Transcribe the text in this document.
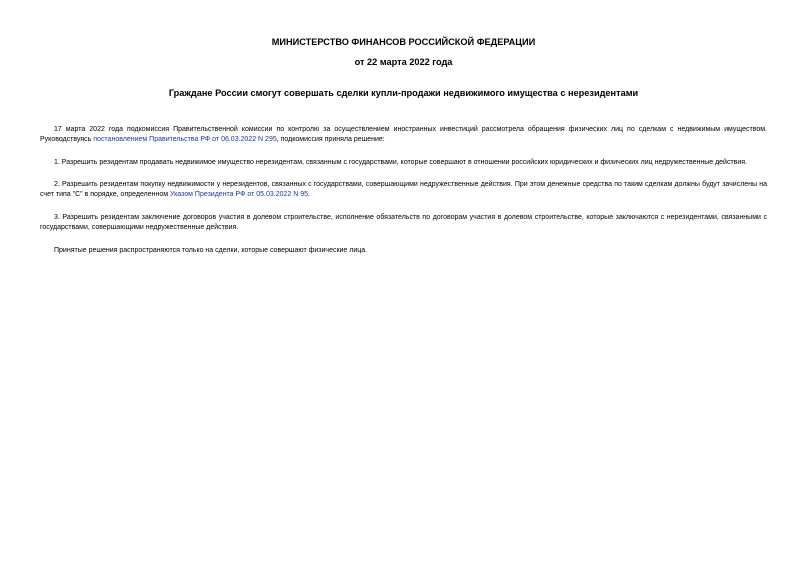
МИНИСТЕРСТВО ФИНАНСОВ РОССИЙСКОЙ ФЕДЕРАЦИИ
от 22 марта 2022 года
Граждане России смогут совершать сделки купли-продажи недвижимого имущества с нерезидентами

17 марта 2022 года подкомиссия Правительственной комиссии по контролю за осуществлением иностранных инвестиций рассмотрела обращения физических лиц по сделкам с недвижимым имуществом. Руководствуясь постановлением Правительства РФ от 06.03.2022 N 295, подкомиссия приняла решение:

1. Разрешить резидентам продавать недвижимое имущество нерезидентам, связанным с государствами, которые совершают в отношении российских юридических и физических лиц недружественные действия.

2. Разрешить резидентам покупку недвижимости у нерезидентов, связанных с государствами, совершающими недружественные действия. При этом денежные средства по таким сделкам должны будут зачислены на счет типа "С" в порядке, определенном Указом Президента РФ от 05.03.2022 N 95.

3. Разрешить резидентам заключение договоров участия в долевом строительстве, исполнение обязательств по договорам участия в долевом строительстве, которые заключаются с нерезидентами, связанными с государствами, совершающими недружественные действия.

Принятые решения распространяются только на сделки, которые совершают физические лица.
